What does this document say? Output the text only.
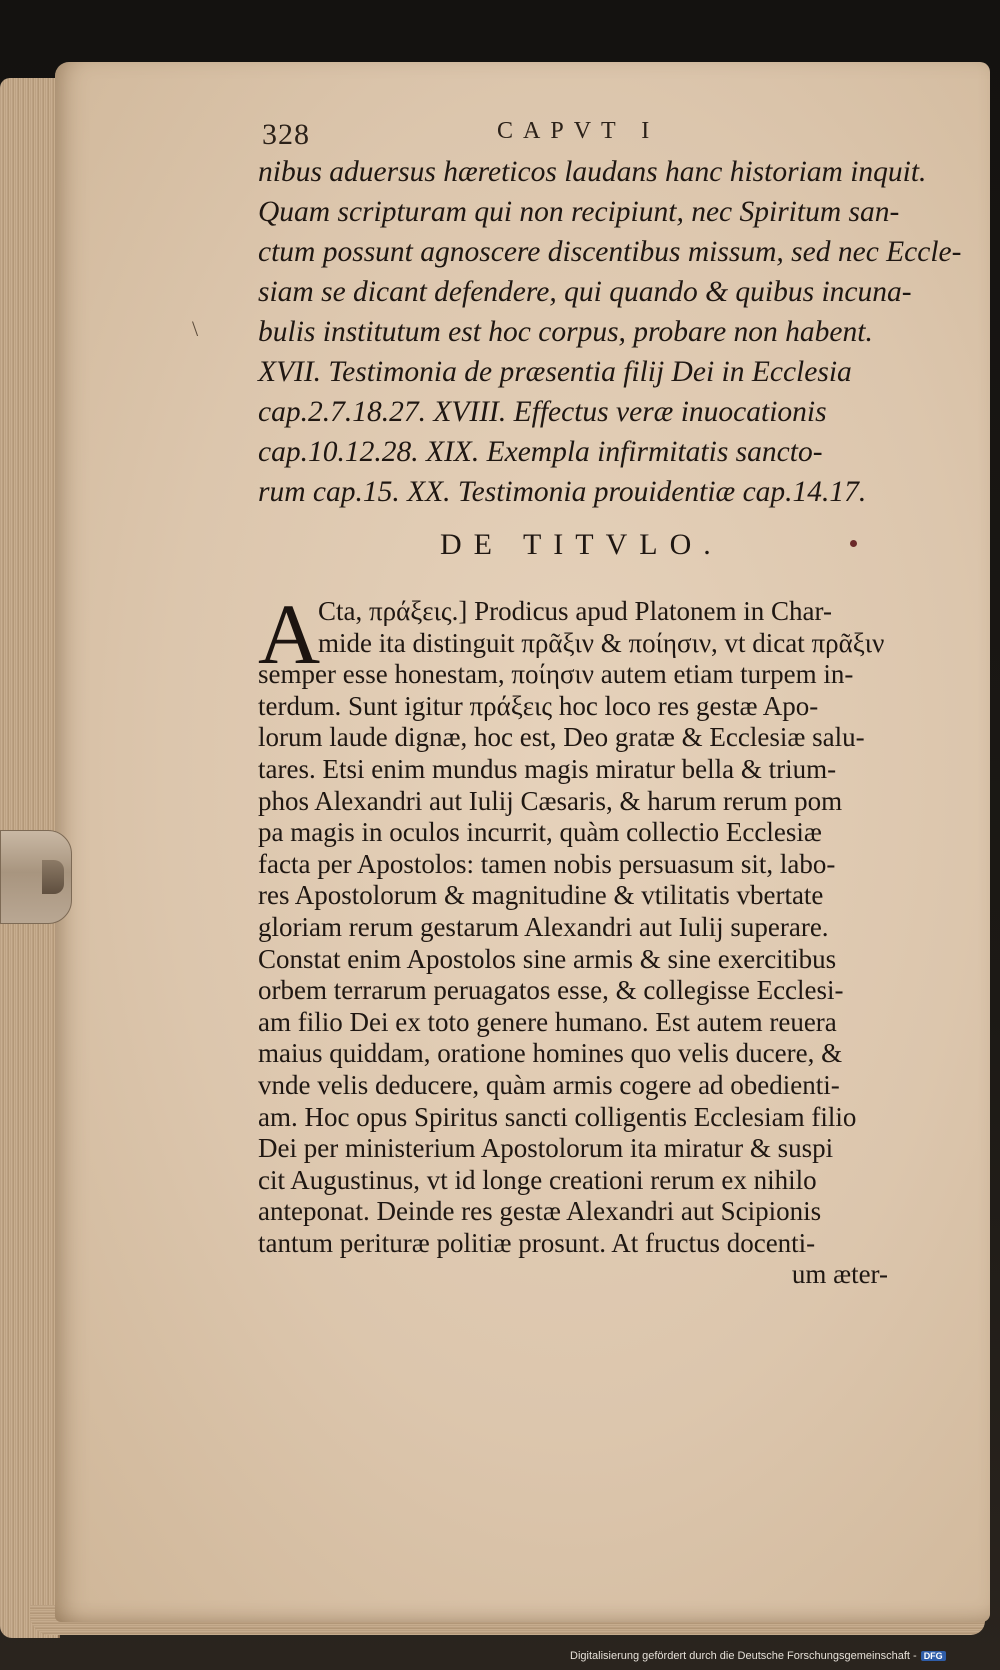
328	CAPVT I
\
nibus aduersus hæreticos laudans hanc historiam inquit.
Quam scripturam qui non recipiunt, nec Spiritum san-
ctum possunt agnoscere discentibus missum, sed nec Eccle-
siam se dicant defendere, qui quando & quibus incuna-
bulis institutum est hoc corpus, probare non habent.
XVII. Testimonia de præsentia filij Dei in Ecclesia
cap.2.7.18.27. XVIII. Effectus veræ inuocationis
cap.10.12.28. XIX. Exempla infirmitatis sancto-
rum cap.15. XX. Testimonia prouidentiæ cap.14.17.
DE TITVLO.
A
Cta, πράξεις.] Prodicus apud Platonem in Char-
mide ita distinguit πρᾶξιν & ποίησιν, vt dicat πρᾶξιν
semper esse honestam, ποίησιν autem etiam turpem in-
terdum. Sunt igitur πράξεις hoc loco res gestæ Apo-
lorum laude dignæ, hoc est, Deo gratæ & Ecclesiæ salu-
tares. Etsi enim mundus magis miratur bella & trium-
phos Alexandri aut Iulij Cæsaris, & harum rerum pom
pa magis in oculos incurrit, quàm collectio Ecclesiæ
facta per Apostolos: tamen nobis persuasum sit, labo-
res Apostolorum & magnitudine & vtilitatis vbertate
gloriam rerum gestarum Alexandri aut Iulij superare.
Constat enim Apostolos sine armis & sine exercitibus
orbem terrarum peruagatos esse, & collegisse Ecclesi-
am filio Dei ex toto genere humano. Est autem reuera
maius quiddam, oratione homines quo velis ducere, &
vnde velis deducere, quàm armis cogere ad obedienti-
am. Hoc opus Spiritus sancti colligentis Ecclesiam filio
Dei per ministerium Apostolorum ita miratur & suspi
cit Augustinus, vt id longe creationi rerum ex nihilo
anteponat. Deinde res gestæ Alexandri aut Scipionis
tantum perituræ politiæ prosunt. At fructus docenti-
um æter-
Digitalisierung gefördert durch die Deutsche Forschungsgemeinschaft - DFG
